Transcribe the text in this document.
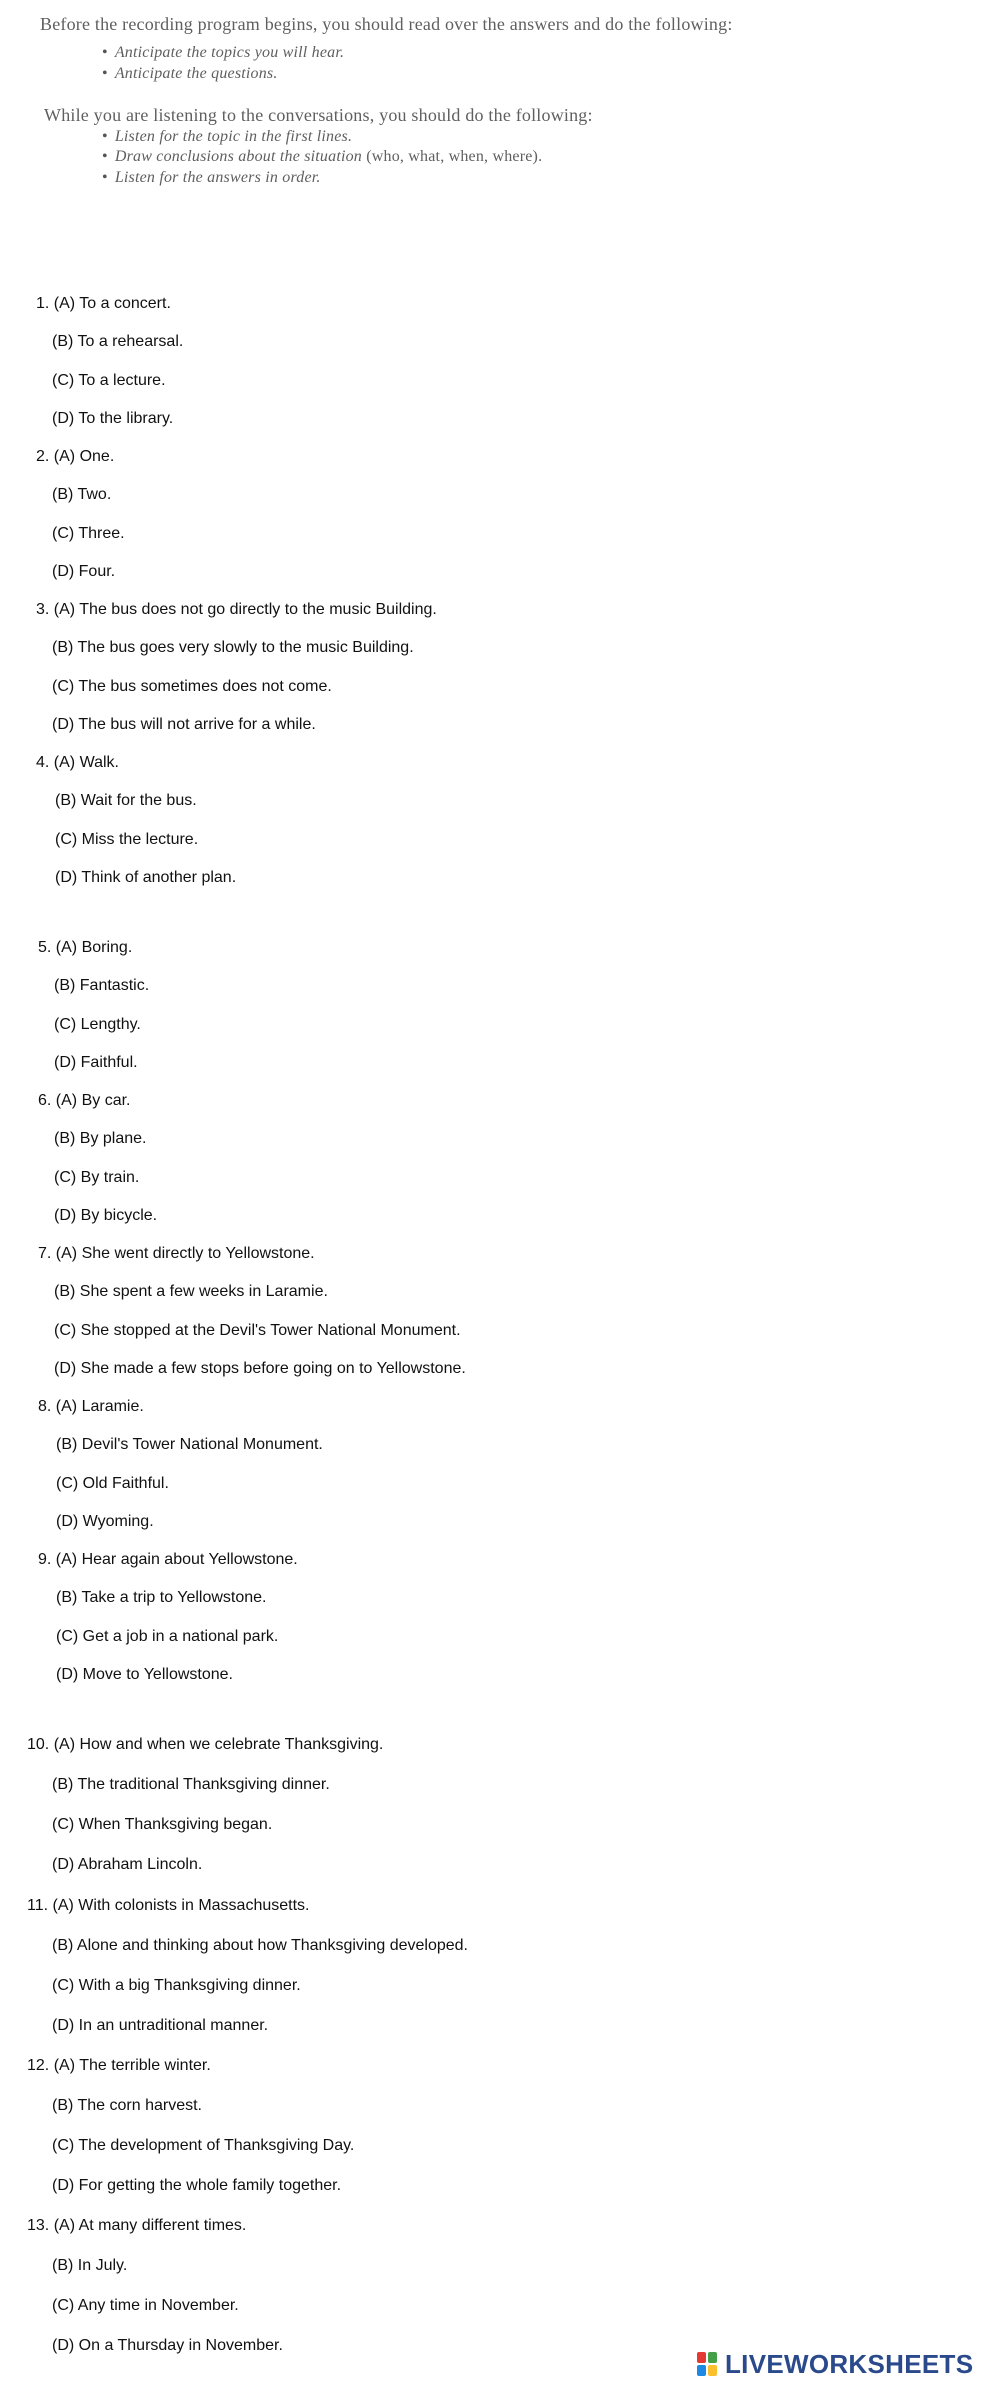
Before the recording program begins, you should read over the answers and do the following:
• Anticipate the topics you will hear.
• Anticipate the questions.
While you are listening to the conversations, you should do the following:
• Listen for the topic in the first lines.
• Draw conclusions about the situation (who, what, when, where).
• Listen for the answers in order.
1. (A) To a concert.
(B) To a rehearsal.
(C) To a lecture.
(D) To the library.
2. (A) One.
(B) Two.
(C) Three.
(D) Four.
3. (A) The bus does not go directly to the music Building.
(B) The bus goes very slowly to the music Building.
(C) The bus sometimes does not come.
(D) The bus will not arrive for a while.
4. (A) Walk.
(B) Wait for the bus.
(C) Miss the lecture.
(D) Think of another plan.
5. (A) Boring.
(B) Fantastic.
(C) Lengthy.
(D) Faithful.
6. (A) By car.
(B) By plane.
(C) By train.
(D) By bicycle.
7. (A) She went directly to Yellowstone.
(B) She spent a few weeks in Laramie.
(C) She stopped at the Devil's Tower National Monument.
(D) She made a few stops before going on to Yellowstone.
8. (A) Laramie.
(B) Devil's Tower National Monument.
(C) Old Faithful.
(D) Wyoming.
9. (A) Hear again about Yellowstone.
(B) Take a trip to Yellowstone.
(C) Get a job in a national park.
(D) Move to Yellowstone.
10. (A) How and when we celebrate Thanksgiving.
(B) The traditional Thanksgiving dinner.
(C) When Thanksgiving began.
(D) Abraham Lincoln.
11. (A) With colonists in Massachusetts.
(B) Alone and thinking about how Thanksgiving developed.
(C) With a big Thanksgiving dinner.
(D) In an untraditional manner.
12. (A) The terrible winter.
(B) The corn harvest.
(C) The development of Thanksgiving Day.
(D) For getting the whole family together.
13. (A) At many different times.
(B) In July.
(C) Any time in November.
(D) On a Thursday in November.
LIVEWORKSHEETS
